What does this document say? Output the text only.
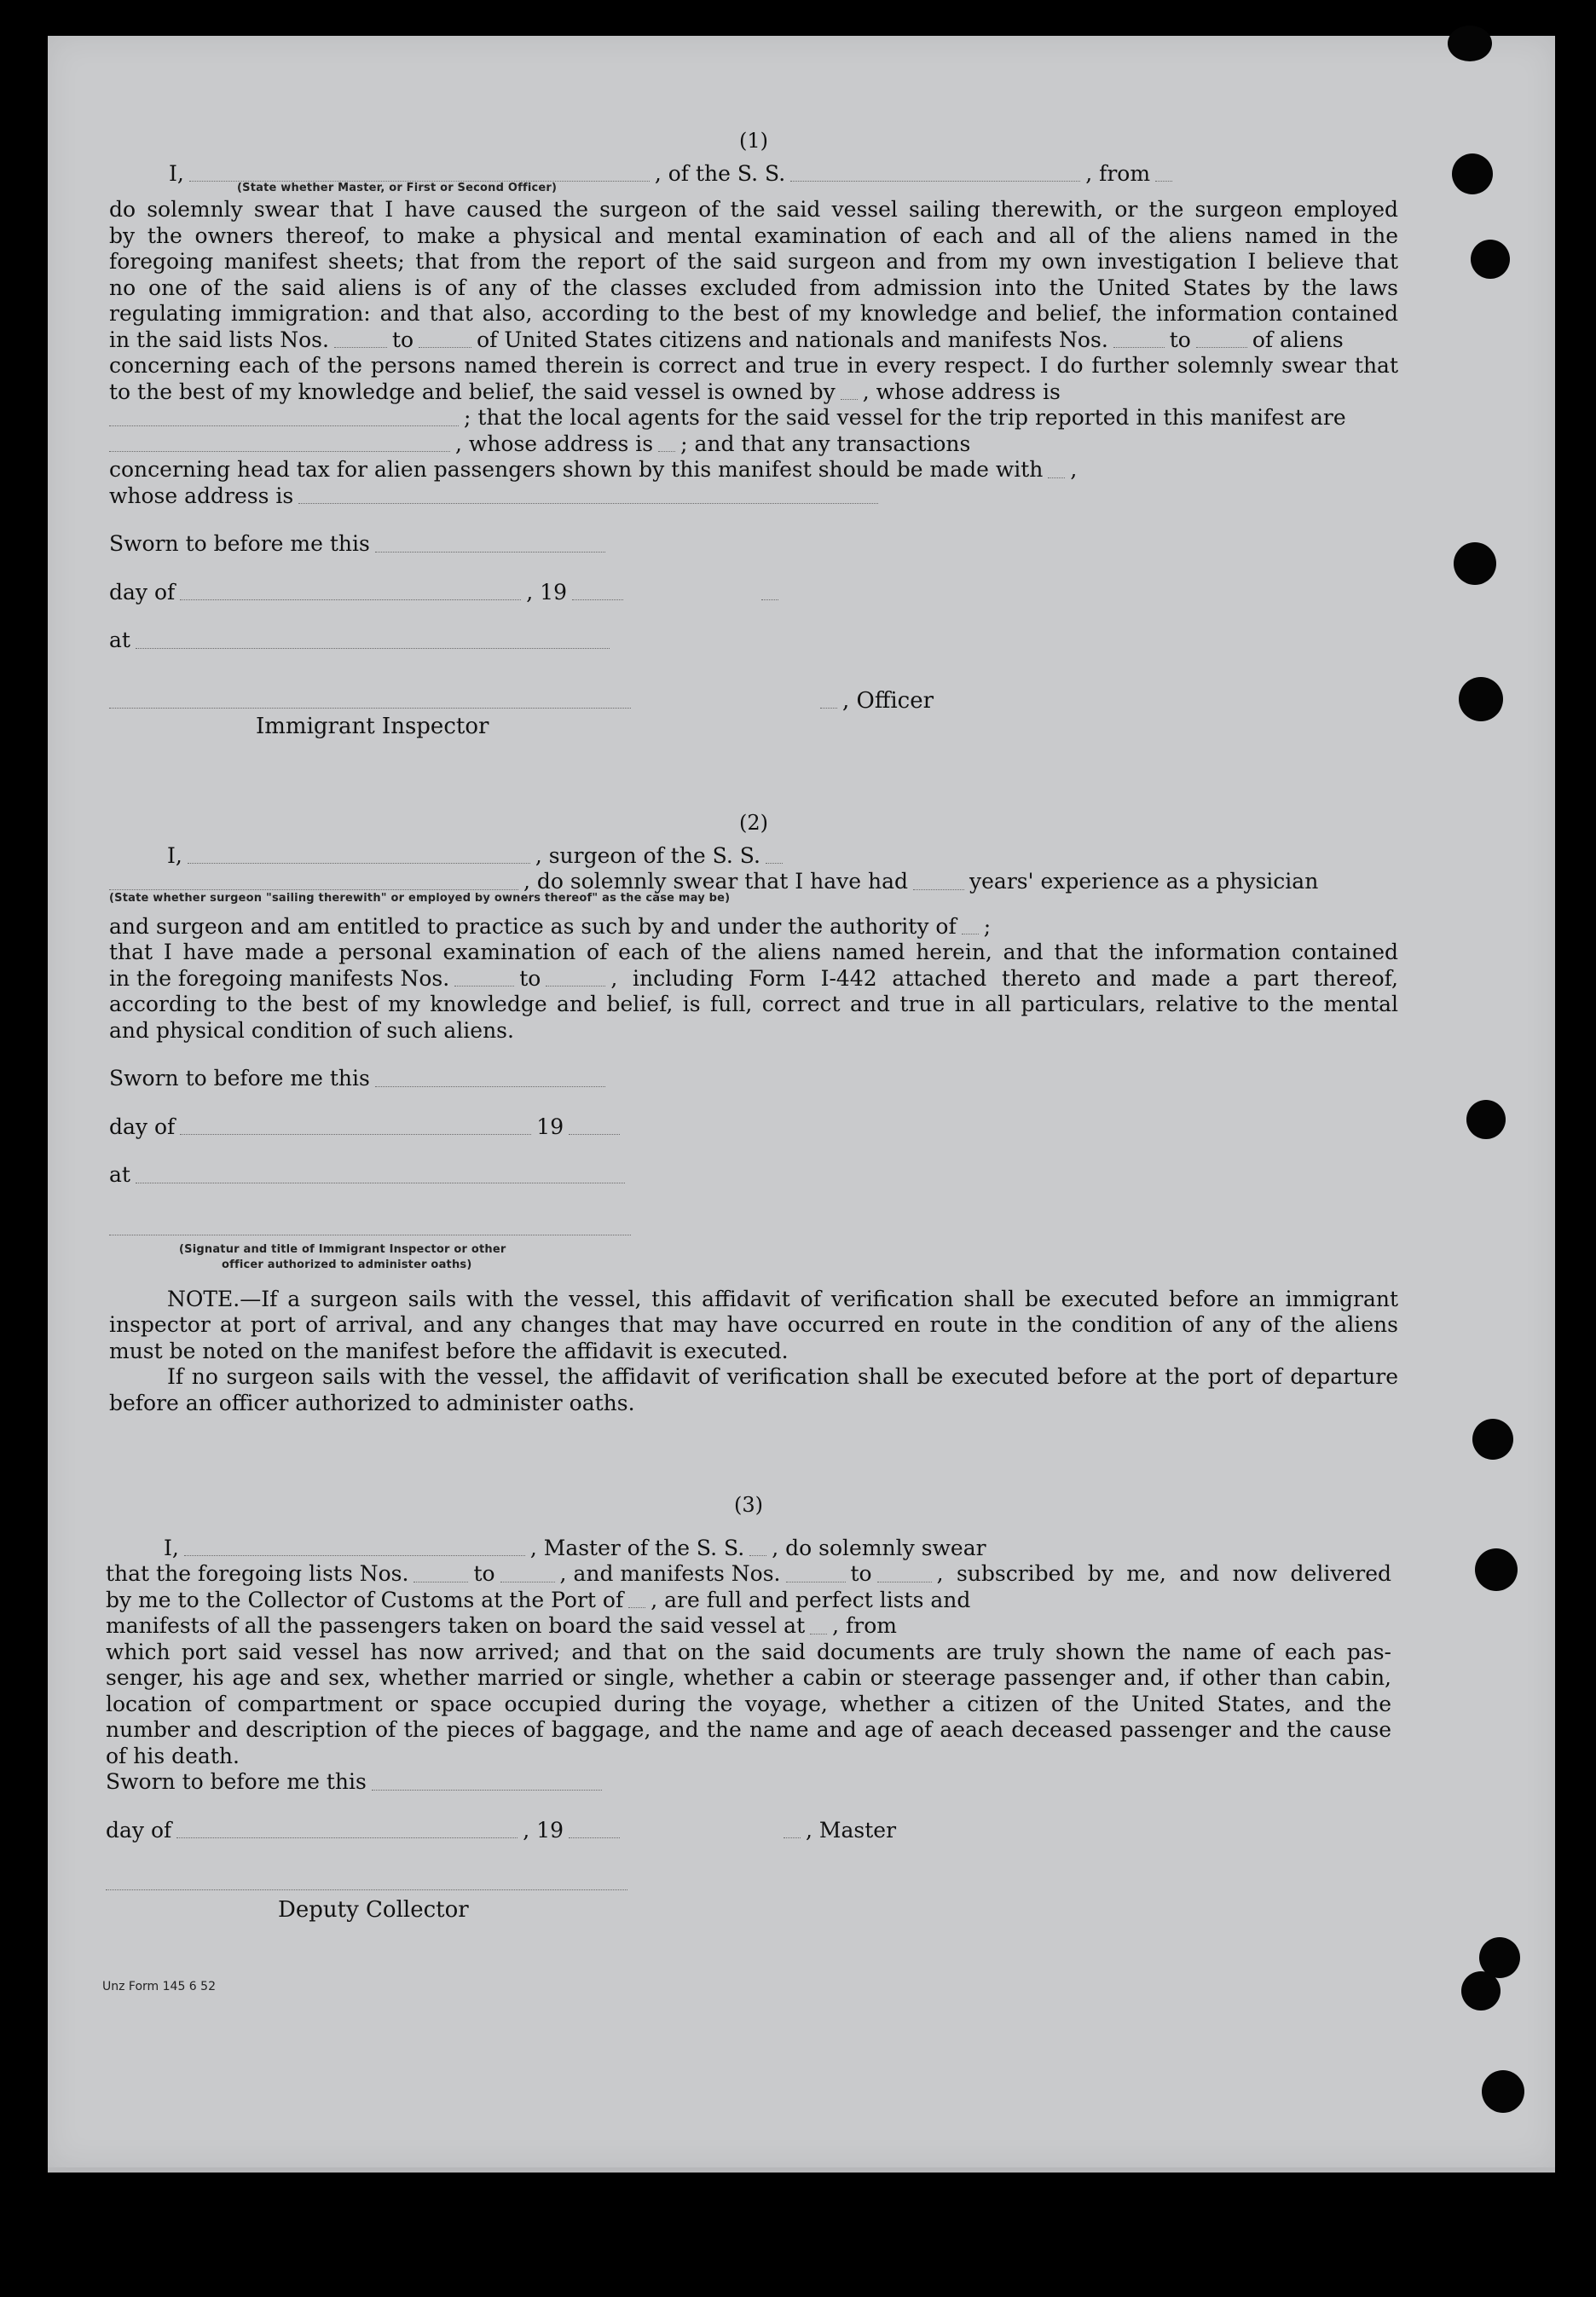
(1)
I,	, of the S. S.	, from
(State whether Master, or First or Second Officer)
do solemnly swear that I have caused the surgeon of the said vessel sailing therewith, or the surgeon employed
by the owners thereof, to make a physical and mental examination of each and all of the aliens named in the
foregoing manifest sheets; that from the report of the said surgeon and from my own investigation I believe that
no one of the said aliens is of any of the classes excluded from admission into the United States by the laws
regulating immigration: and that also, according to the best of my knowledge and belief, the information contained
in the said lists Nos.	to	of United States citizens and nationals and manifests Nos.	to	of aliens
concerning each of the persons named therein is correct and true in every respect. I do further solemnly swear that
to the best of my knowledge and belief, the said vessel is owned by , whose address is
; that the local agents for the said vessel for the trip reported in this manifest are
, whose address is ; and that any transactions
concerning head tax for alien passengers shown by this manifest should be made with ,
whose address is
Sworn to before me this
day of	, 19
at
, Officer
Immigrant Inspector
(2)
I,	, surgeon of the S. S.
, do solemnly swear that I have had	years' experience as a physician
(State whether surgeon "sailing therewith" or employed by owners thereof" as the case may be)
and surgeon and am entitled to practice as such by and under the authority of ;
that I have made a personal examination of each of the aliens named herein, and that the information contained
in the foregoing manifests Nos.	to	, including Form I-442 attached thereto and made a part thereof,
according to the best of my knowledge and belief, is full, correct and true in all particulars, relative to the mental
and physical condition of such aliens.
Sworn to before me this
day of	19
at
(Signatur and title of Immigrant Inspector or other
officer authorized to administer oaths)
NOTE.—If a surgeon sails with the vessel, this affidavit of verification shall be executed before an immigrant inspector at port of arrival, and any changes that may have occurred en route in the condition of any of the aliens must be noted on the manifest before the affidavit is executed.
If no surgeon sails with the vessel, the affidavit of verification shall be executed before at the port of departure before an officer authorized to administer oaths.
(3)
I,	, Master of the S. S. , do solemnly swear
that the foregoing lists Nos.	to	, and manifests Nos.	to	, subscribed by me, and now delivered
by me to the Collector of Customs at the Port of , are full and perfect lists and
manifests of all the passengers taken on board the said vessel at , from
which port said vessel has now arrived; and that on the said documents are truly shown the name of each pas-
senger, his age and sex, whether married or single, whether a cabin or steerage passenger and, if other than cabin,
location of compartment or space occupied during the voyage, whether a citizen of the United States, and the
number and description of the pieces of baggage, and the name and age of aeach deceased passenger and the cause
of his death.
Sworn to before me this
day of	, 19	, Master
Deputy Collector
Unz Form 145 6 52
